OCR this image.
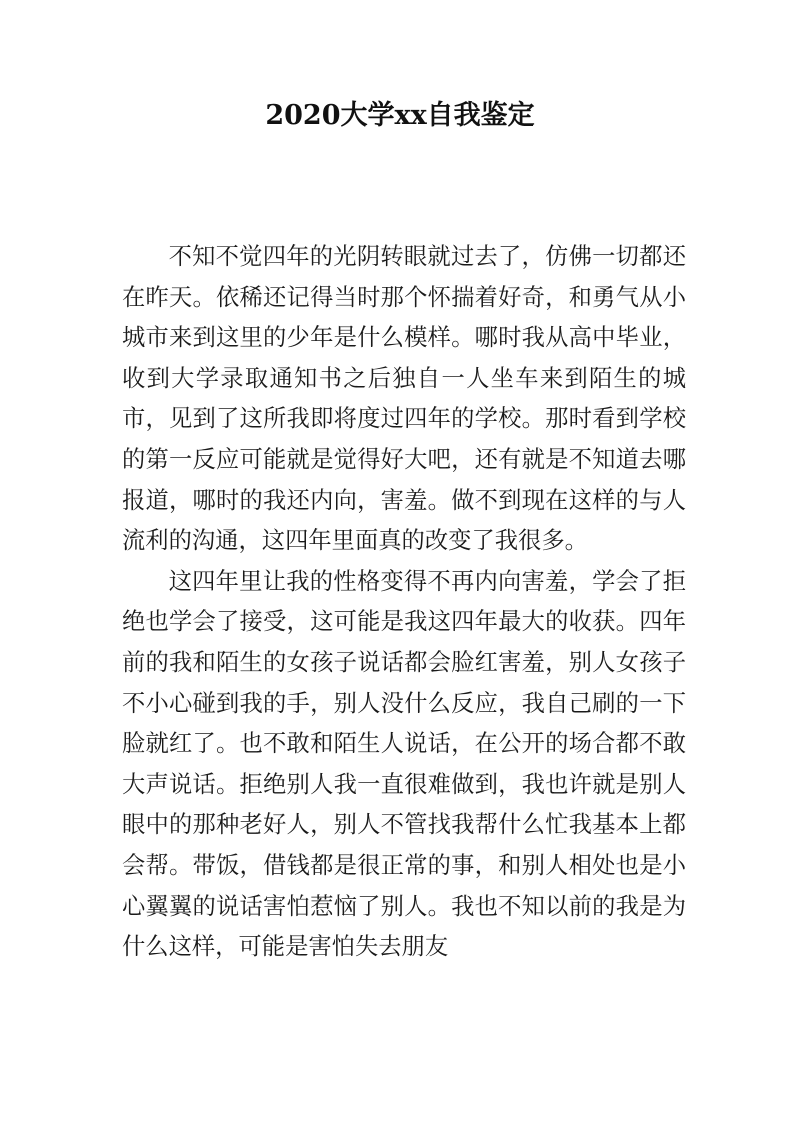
2020大学xx自我鉴定

不知不觉四年的光阴转眼就过去了，仿佛一切都还在昨天。依稀还记得当时那个怀揣着好奇，和勇气从小城市来到这里的少年是什么模样。哪时我从高中毕业，收到大学录取通知书之后独自一人坐车来到陌生的城市，见到了这所我即将度过四年的学校。那时看到学校的第一反应可能就是觉得好大吧，还有就是不知道去哪报道，哪时的我还内向，害羞。做不到现在这样的与人流利的沟通，这四年里面真的改变了我很多。

这四年里让我的性格变得不再内向害羞，学会了拒绝也学会了接受，这可能是我这四年最大的收获。四年前的我和陌生的女孩子说话都会脸红害羞，别人女孩子不小心碰到我的手，别人没什么反应，我自己刷的一下脸就红了。也不敢和陌生人说话，在公开的场合都不敢大声说话。拒绝别人我一直很难做到，我也许就是别人眼中的那种老好人，别人不管找我帮什么忙我基本上都会帮。带饭，借钱都是很正常的事，和别人相处也是小心翼翼的说话害怕惹恼了别人。我也不知以前的我是为什么这样，可能是害怕失去朋友
